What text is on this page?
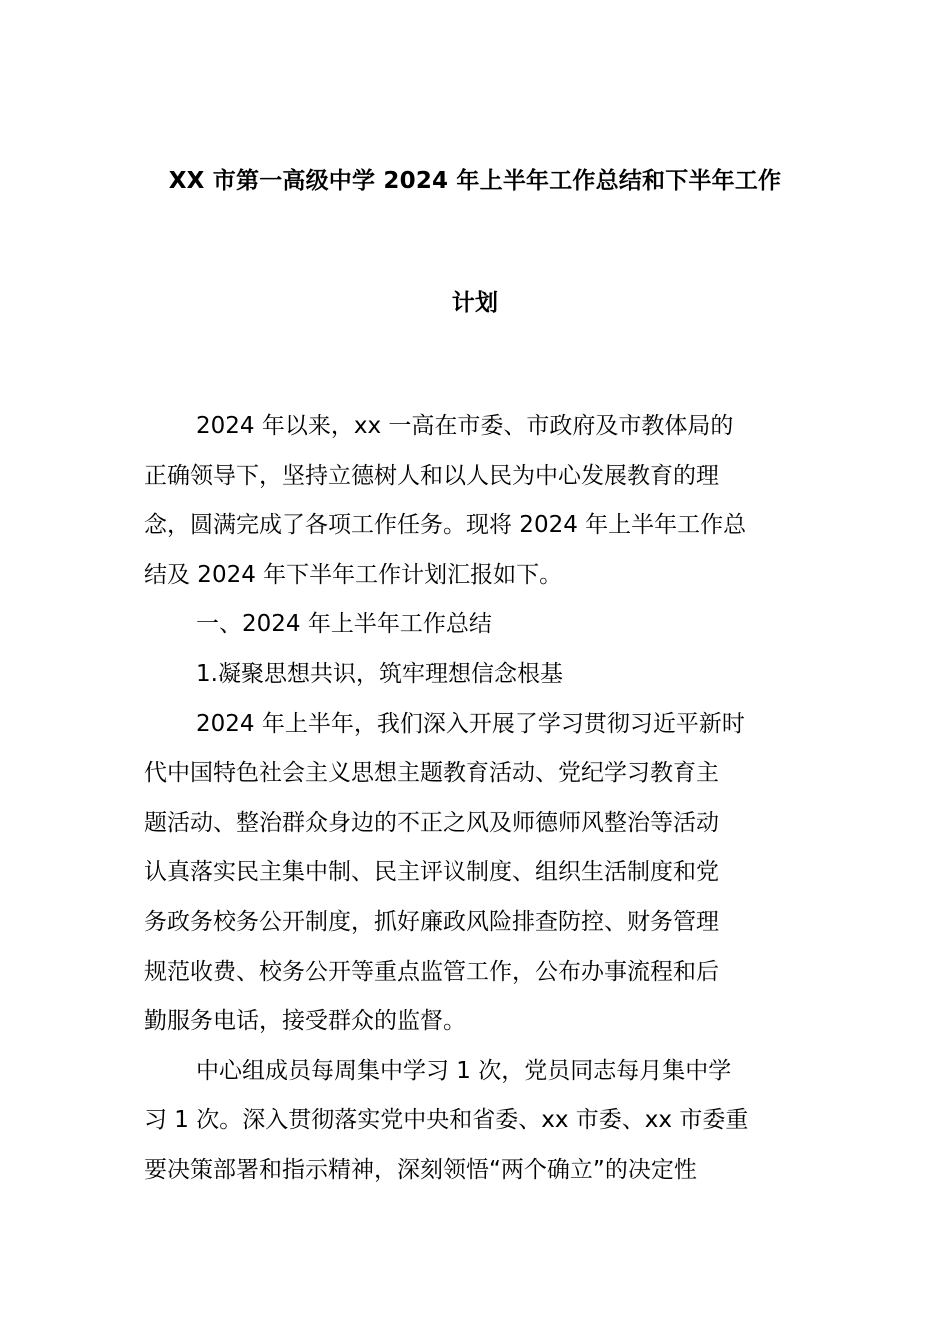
XX 市第一高级中学 2024 年上半年工作总结和下半年工作
计划
2024 年以来，xx 一高在市委、市政府及市教体局的
正确领导下，坚持立德树人和以人民为中心发展教育的理
念，圆满完成了各项工作任务。现将 2024 年上半年工作总
结及 2024 年下半年工作计划汇报如下。
一、2024 年上半年工作总结
1.凝聚思想共识，筑牢理想信念根基
2024 年上半年，我们深入开展了学习贯彻习近平新时
代中国特色社会主义思想主题教育活动、党纪学习教育主
题活动、整治群众身边的不正之风及师德师风整治等活动
认真落实民主集中制、民主评议制度、组织生活制度和党
务政务校务公开制度，抓好廉政风险排查防控、财务管理
规范收费、校务公开等重点监管工作，公布办事流程和后
勤服务电话，接受群众的监督。
中心组成员每周集中学习 1 次，党员同志每月集中学
习 1 次。深入贯彻落实党中央和省委、xx 市委、xx 市委重
要决策部署和指示精神，深刻领悟“两个确立”的决定性
